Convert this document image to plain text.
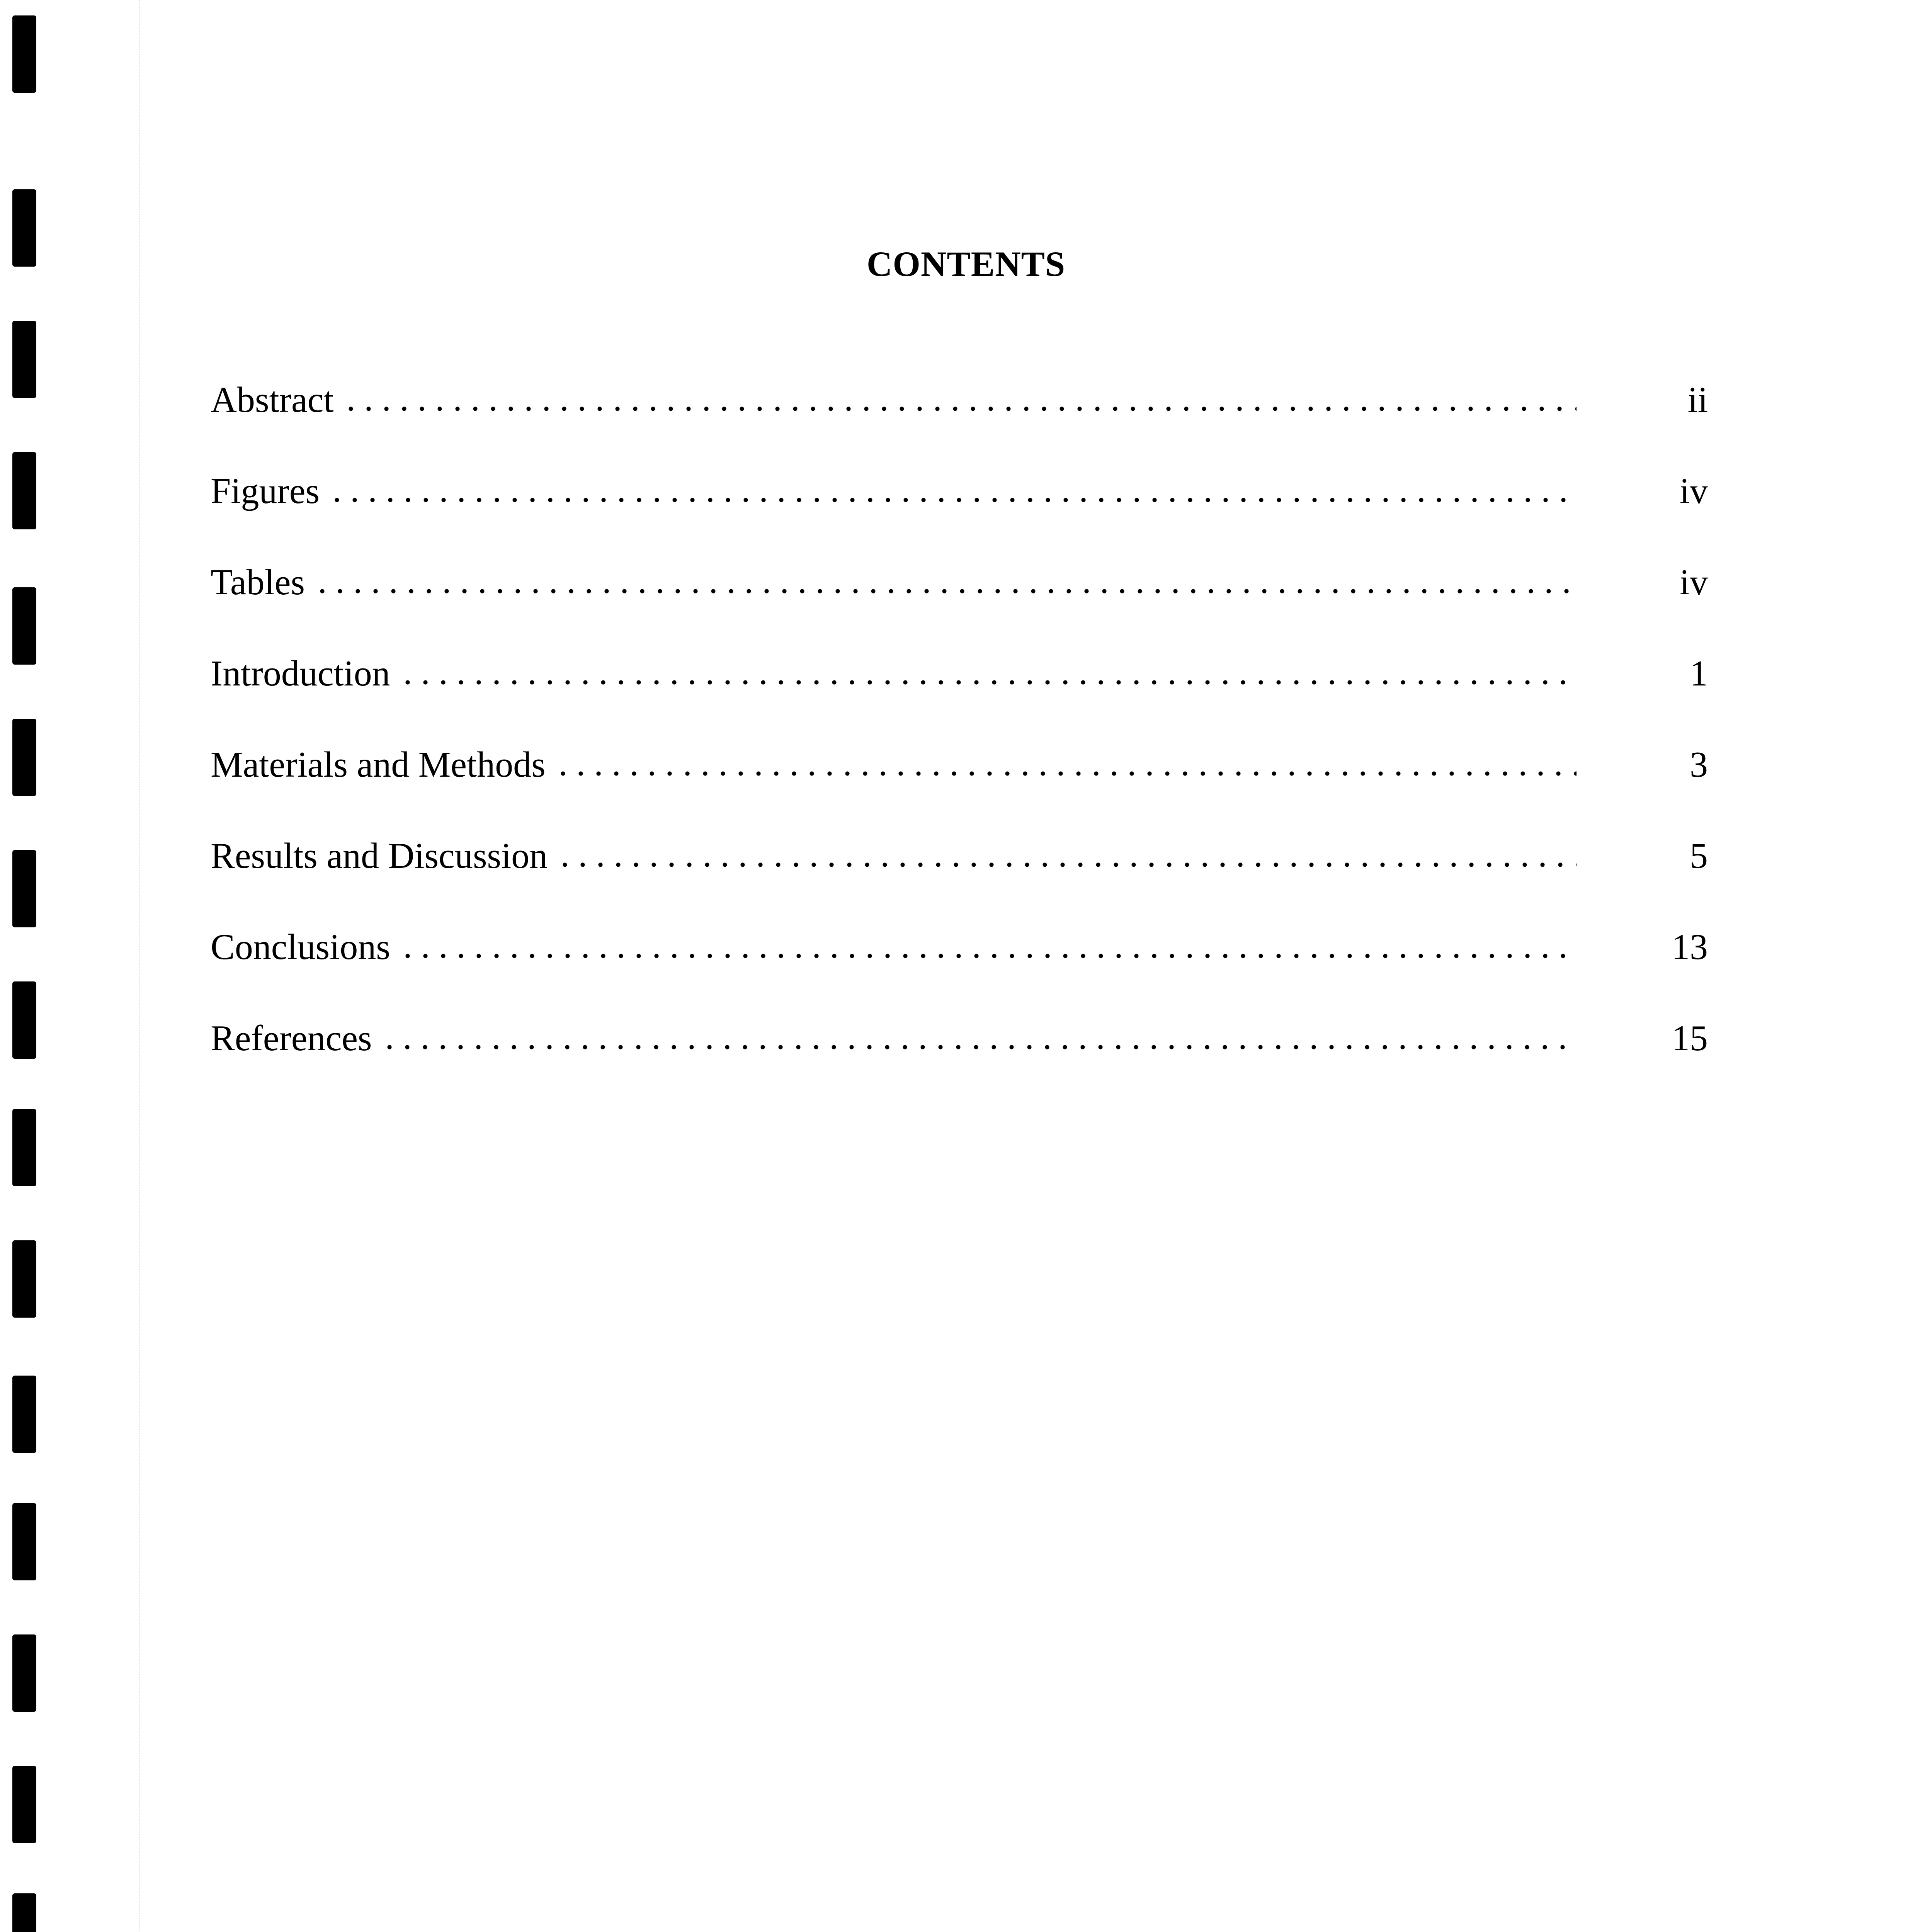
CONTENTS
Abstract	ii
Figures	iv
Tables	iv
Introduction	1
Materials and Methods	3
Results and Discussion	5
Conclusions	13
References	15
